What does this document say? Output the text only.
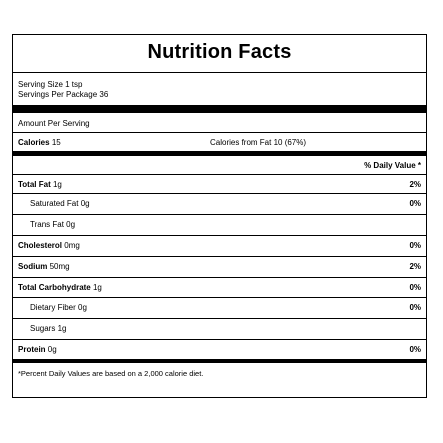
Nutrition Facts
Serving Size 1 tsp
Servings Per Package 36
Amount Per Serving
Calories 15	Calories from Fat 10 (67%)
% Daily Value *
Total Fat 1g	2%
Saturated Fat 0g	0%
Trans Fat 0g
Cholesterol 0mg	0%
Sodium 50mg	2%
Total Carbohydrate 1g	0%
Dietary Fiber 0g	0%
Sugars 1g
Protein 0g	0%
*Percent Daily Values are based on a 2,000 calorie diet.
